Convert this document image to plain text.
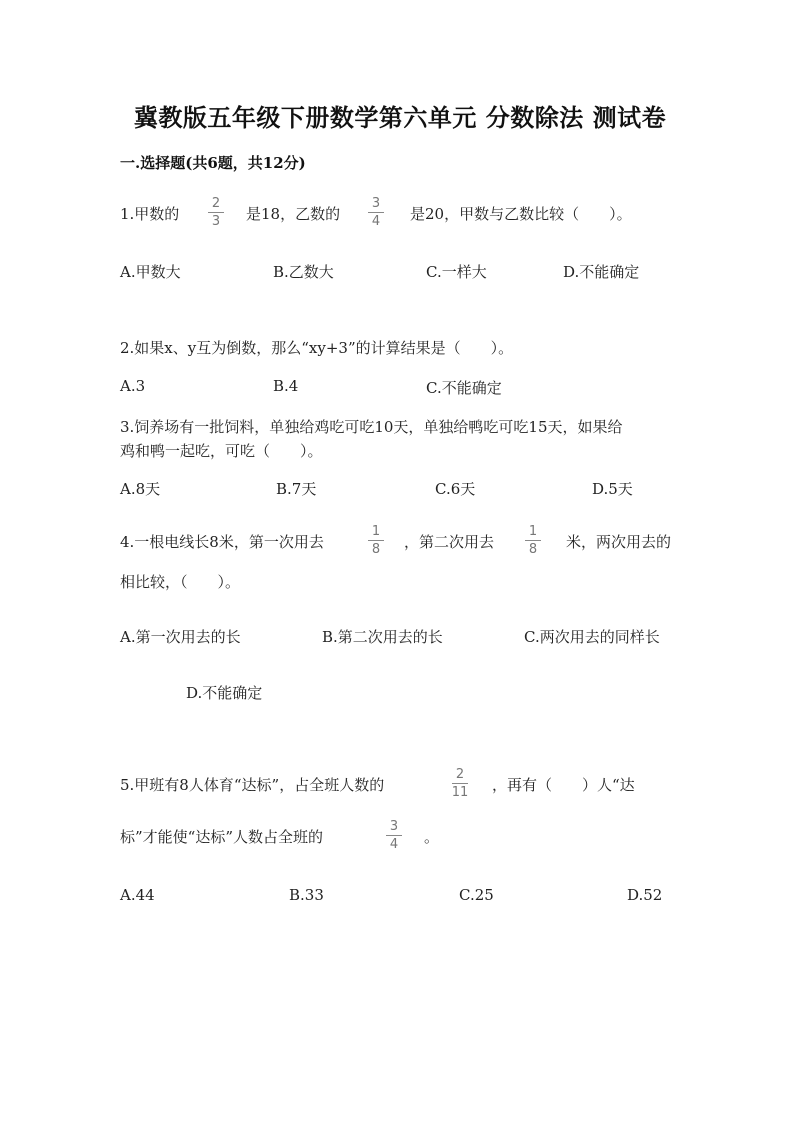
冀教版五年级下册数学第六单元 分数除法 测试卷
一.选择题(共6题，共12分)
1.甲数的
2
3	是18，乙数的
3
4	是20，甲数与乙数比较（　　）。
A.甲数大	B.乙数大	C.一样大	D.不能确定
2.如果x、y互为倒数，那么“xy+3”的计算结果是（　　）。
A.3	B.4	C.不能确定
3.饲养场有一批饲料，单独给鸡吃可吃10天，单独给鸭吃可吃15天，如果给
鸡和鸭一起吃，可吃（　　）。
A.8天	B.7天	C.6天	D.5天
4.一根电线长8米，第一次用去
1
8	，第二次用去
1
8	米，两次用去的
相比较，（　　）。
A.第一次用去的长	B.第二次用去的长	C.两次用去的同样长
D.不能确定
5.甲班有8人体育“达标”，占全班人数的
2
11	，再有（　　）人“达
标”才能使“达标”人数占全班的
3
4	。
A.44	B.33	C.25	D.52
